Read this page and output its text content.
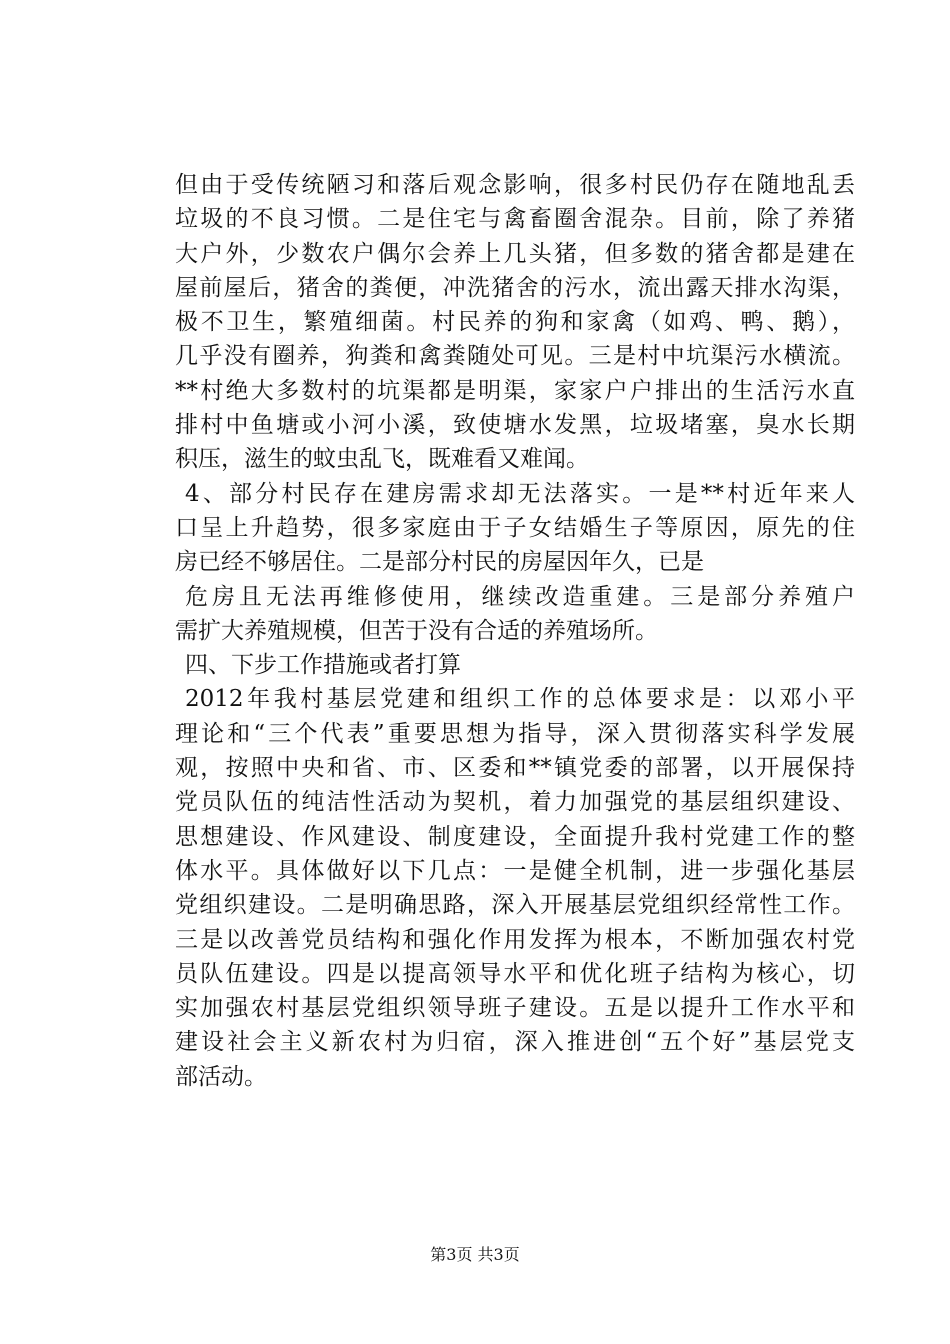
但由于受传统陋习和落后观念影响，很多村民仍存在随地乱丢
垃圾的不良习惯。二是住宅与禽畜圈舍混杂。目前，除了养猪
大户外，少数农户偶尔会养上几头猪，但多数的猪舍都是建在
屋前屋后，猪舍的粪便，冲洗猪舍的污水，流出露天排水沟渠，
极不卫生，繁殖细菌。村民养的狗和家禽（如鸡、鸭、鹅），
几乎没有圈养，狗粪和禽粪随处可见。三是村中坑渠污水横流。
**村绝大多数村的坑渠都是明渠，家家户户排出的生活污水直
排村中鱼塘或小河小溪，致使塘水发黑，垃圾堵塞，臭水长期
积压，滋生的蚊虫乱飞，既难看又难闻。
4、部分村民存在建房需求却无法落实。一是**村近年来人
口呈上升趋势，很多家庭由于子女结婚生子等原因，原先的住
房已经不够居住。二是部分村民的房屋因年久，已是
危房且无法再维修使用，继续改造重建。三是部分养殖户
需扩大养殖规模，但苦于没有合适的养殖场所。
四、下步工作措施或者打算
2012年我村基层党建和组织工作的总体要求是：以邓小平
理论和“三个代表”重要思想为指导，深入贯彻落实科学发展
观，按照中央和省、市、区委和**镇党委的部署，以开展保持
党员队伍的纯洁性活动为契机，着力加强党的基层组织建设、
思想建设、作风建设、制度建设，全面提升我村党建工作的整
体水平。具体做好以下几点：一是健全机制，进一步强化基层
党组织建设。二是明确思路，深入开展基层党组织经常性工作。
三是以改善党员结构和强化作用发挥为根本，不断加强农村党
员队伍建设。四是以提高领导水平和优化班子结构为核心，切
实加强农村基层党组织领导班子建设。五是以提升工作水平和
建设社会主义新农村为归宿，深入推进创“五个好”基层党支
部活动。
第3页 共3页
